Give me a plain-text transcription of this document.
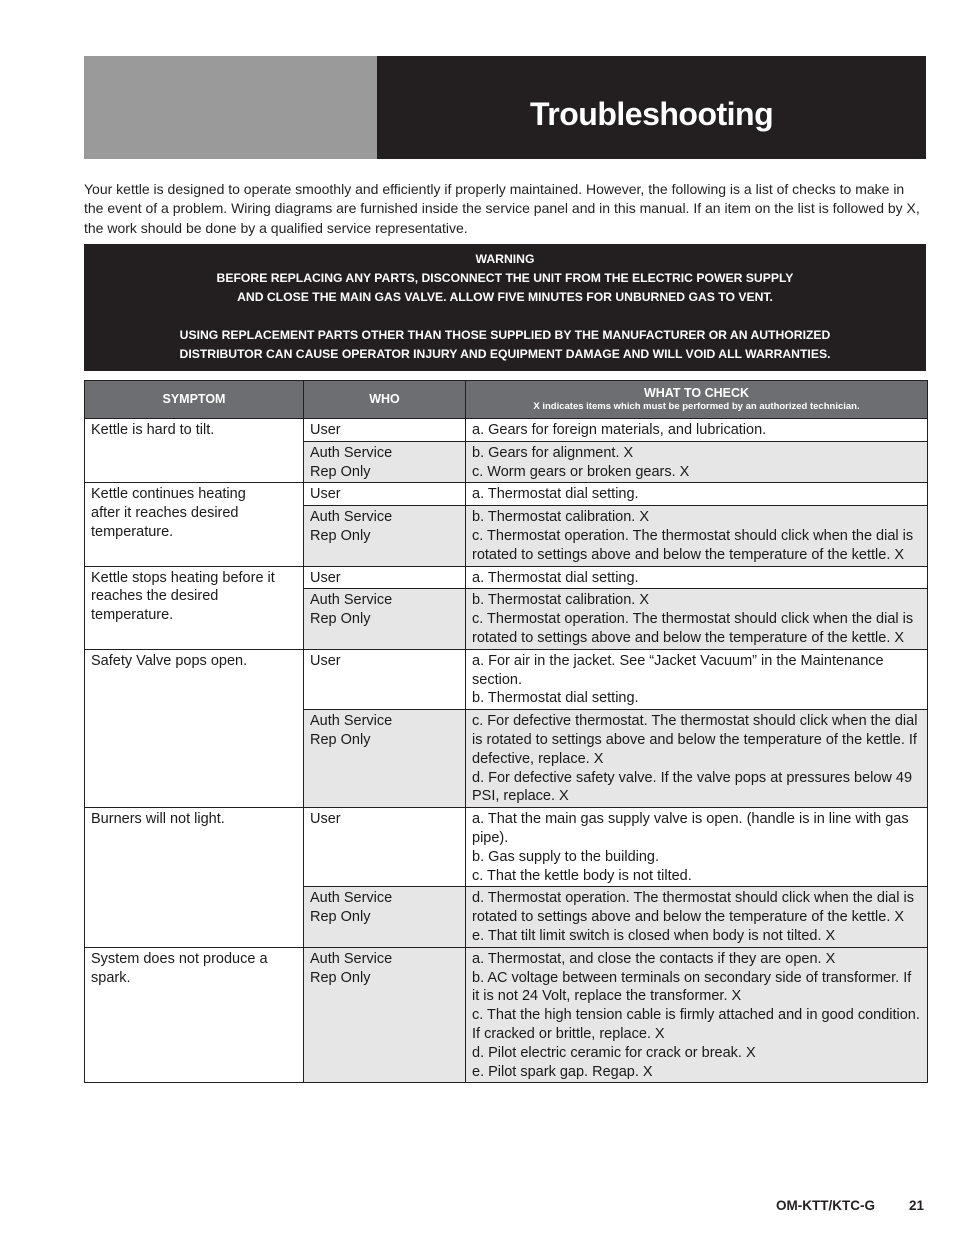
Troubleshooting

Your kettle is designed to operate smoothly and efficiently if properly maintained. However, the following is a list of checks to make in the event of a problem. Wiring diagrams are furnished inside the service panel and in this manual. If an item on the list is followed by X, the work should be done by a qualified service representative.

WARNING
BEFORE REPLACING ANY PARTS, DISCONNECT THE UNIT FROM THE ELECTRIC POWER SUPPLY
AND CLOSE THE MAIN GAS VALVE. ALLOW FIVE MINUTES FOR UNBURNED GAS TO VENT.
USING REPLACEMENT PARTS OTHER THAN THOSE SUPPLIED BY THE MANUFACTURER OR AN AUTHORIZED
DISTRIBUTOR CAN CAUSE OPERATOR INJURY AND EQUIPMENT DAMAGE AND WILL VOID ALL WARRANTIES.
SYMPTOM	WHO	WHAT TO CHECK
X indicates items which must be performed by an authorized technician.

Kettle is hard to tilt.	User	a. Gears for foreign materials, and lubrication.

	Auth Service
Rep Only	b. Gears for alignment. X
c. Worm gears or broken gears. X

Kettle continues heating
after it reaches desired
temperature.	User	a. Thermostat dial setting.

	Auth Service
Rep Only	b. Thermostat calibration. X
c. Thermostat operation. The thermostat should click when the dial is rotated to settings above and below the temperature of the kettle. X

Kettle stops heating before it reaches the desired temperature.	User	a. Thermostat dial setting.

	Auth Service
Rep Only	b. Thermostat calibration. X
c. Thermostat operation. The thermostat should click when the dial is rotated to settings above and below the temperature of the kettle. X

Safety Valve pops open.	User	a. For air in the jacket. See “Jacket Vacuum” in the Maintenance section.
b. Thermostat dial setting.

	Auth Service
Rep Only	c. For defective thermostat. The thermostat should click when the dial is rotated to settings above and below the temperature of the kettle. If defective, replace. X
d. For defective safety valve. If the valve pops at pressures below 49 PSI, replace. X

Burners will not light.	User	a. That the main gas supply valve is open. (handle is in line with gas pipe).
b. Gas supply to the building.
c. That the kettle body is not tilted.

	Auth Service
Rep Only	d. Thermostat operation. The thermostat should click when the dial is rotated to settings above and below the temperature of the kettle. X
e. That tilt limit switch is closed when body is not tilted. X

System does not produce a spark.	Auth Service
Rep Only	a. Thermostat, and close the contacts if they are open. X
b. AC voltage between terminals on secondary side of transformer. If it is not 24 Volt, replace the transformer. X
c. That the high tension cable is firmly attached and in good condition. If cracked or brittle, replace. X
d. Pilot electric ceramic for crack or break. X
e. Pilot spark gap. Regap. X
OM-KTT/KTC-G	21
